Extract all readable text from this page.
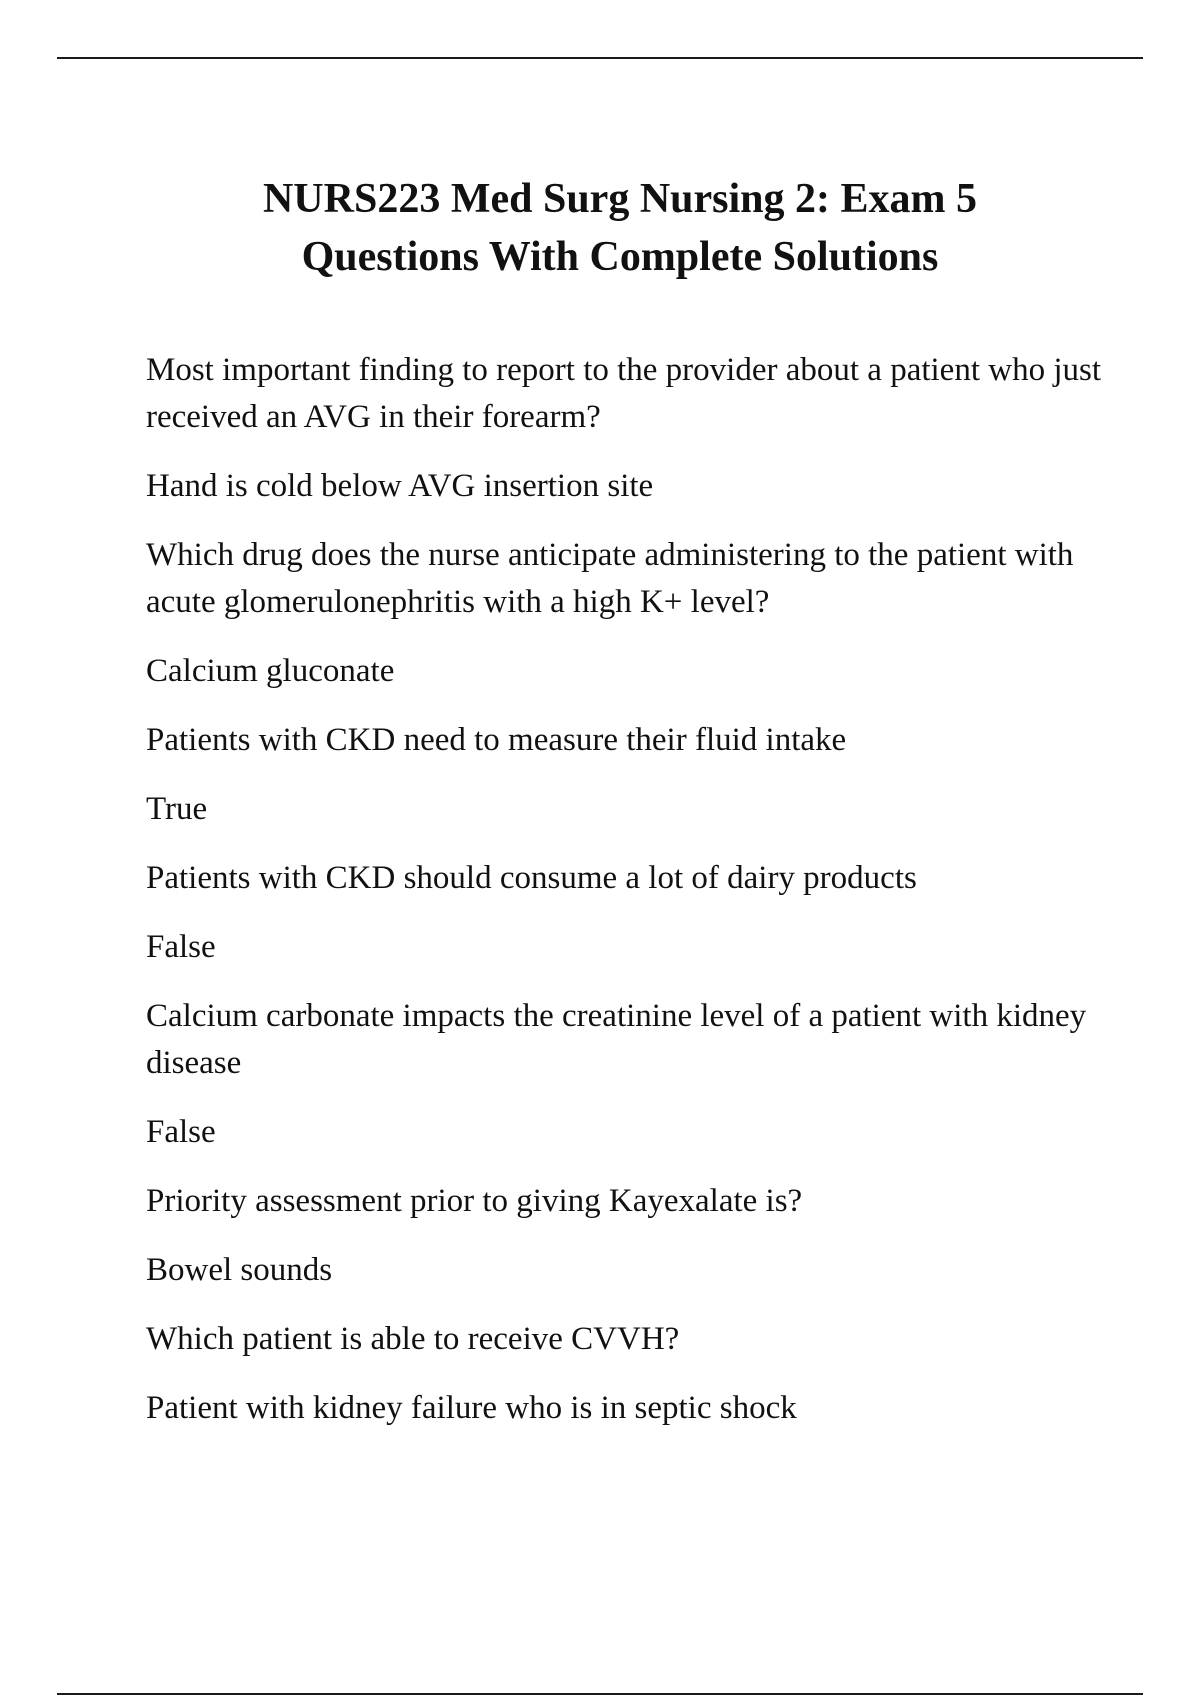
NURS223 Med Surg Nursing 2: Exam 5
Questions With Complete Solutions

Most important finding to report to the provider about a patient who just received an AVG in their forearm?

Hand is cold below AVG insertion site

Which drug does the nurse anticipate administering to the patient with acute glomerulonephritis with a high K+ level?

Calcium gluconate

Patients with CKD need to measure their fluid intake

True

Patients with CKD should consume a lot of dairy products

False

Calcium carbonate impacts the creatinine level of a patient with kidney disease

False

Priority assessment prior to giving Kayexalate is?

Bowel sounds

Which patient is able to receive CVVH?

Patient with kidney failure who is in septic shock
